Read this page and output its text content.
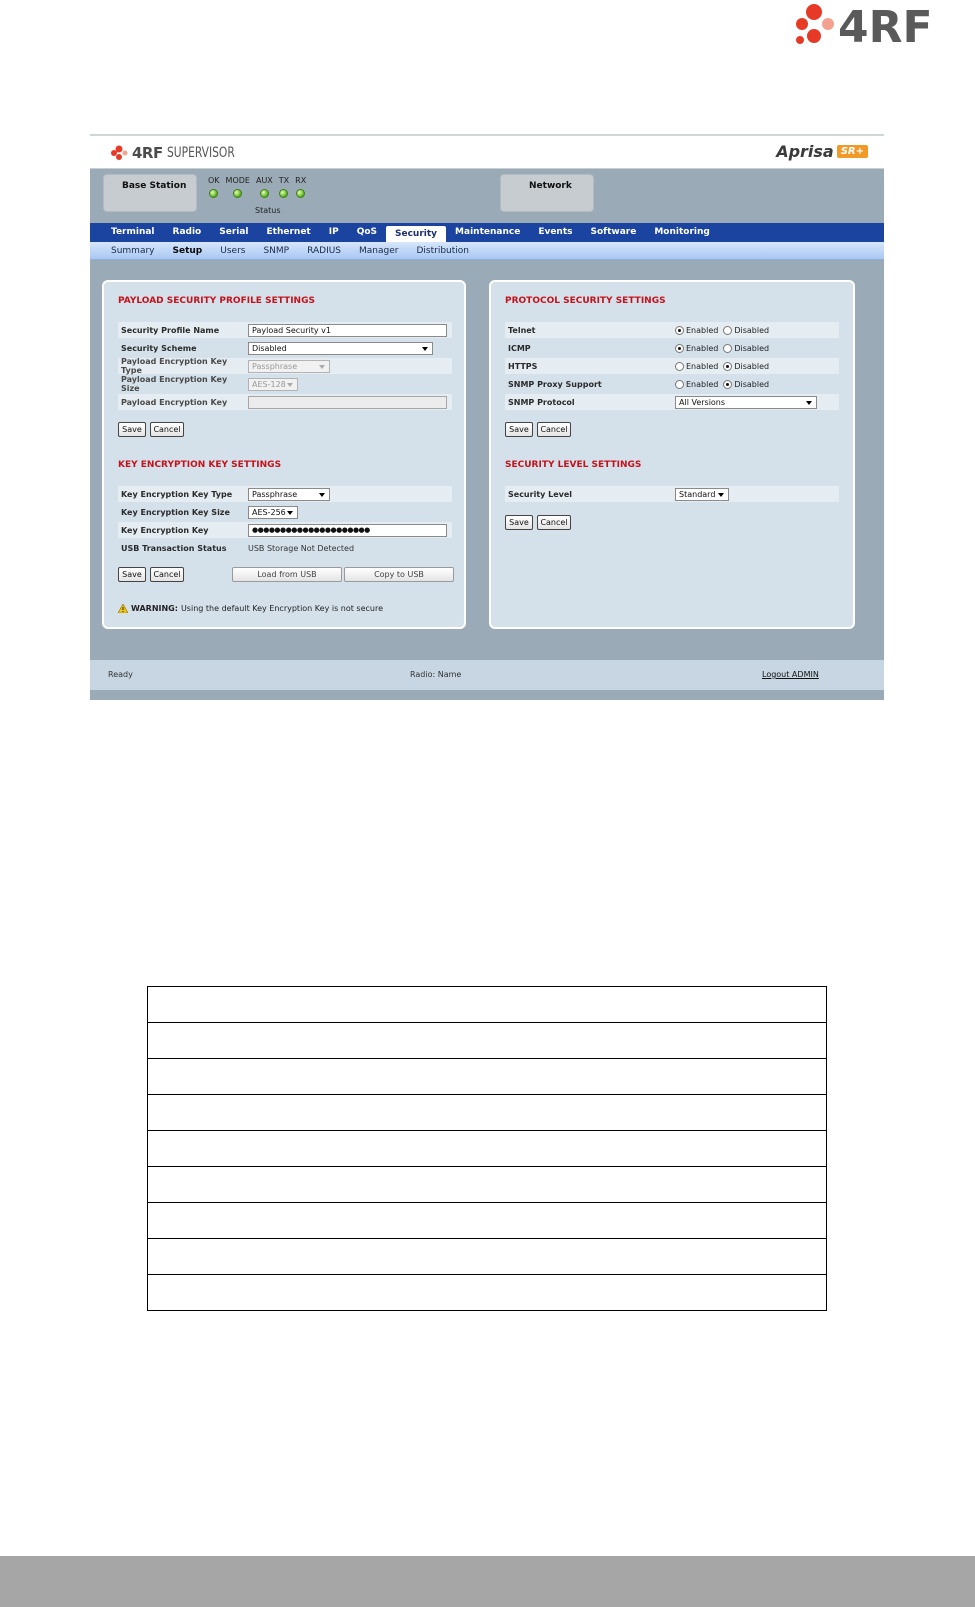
4RF
4RF SUPERVISOR	Aprisa SR+
Base Station
OK MODE AUX TX RX
Status
Network
Terminal	Radio	Serial	Ethernet	IP	QoS	Security	Maintenance	Events	Software	Monitoring
Summary	Setup	Users	SNMP	RADIUS	Manager	Distribution
PAYLOAD SECURITY PROFILE SETTINGS
Security Profile Name	Payload Security v1
Security Scheme	Disabled
Payload Encryption Key Type	Passphrase
Payload Encryption Key Size	AES-128
Payload Encryption Key
Save	Cancel
KEY ENCRYPTION KEY SETTINGS
Key Encryption Key Type	Passphrase
Key Encryption Key Size	AES-256
Key Encryption Key	●●●●●●●●●●●●●●●●●●●●●
USB Transaction Status	USB Storage Not Detected
Save	Cancel	Load from USB	Copy to USB
WARNING: Using the default Key Encryption Key is not secure
PROTOCOL SECURITY SETTINGS
Telnet	Enabled Disabled
ICMP	Enabled Disabled
HTTPS	Enabled Disabled
SNMP Proxy Support	Enabled Disabled
SNMP Protocol	All Versions
Save	Cancel
SECURITY LEVEL SETTINGS
Security Level	Standard
Save	Cancel
Ready	Radio: Name	Logout ADMIN
